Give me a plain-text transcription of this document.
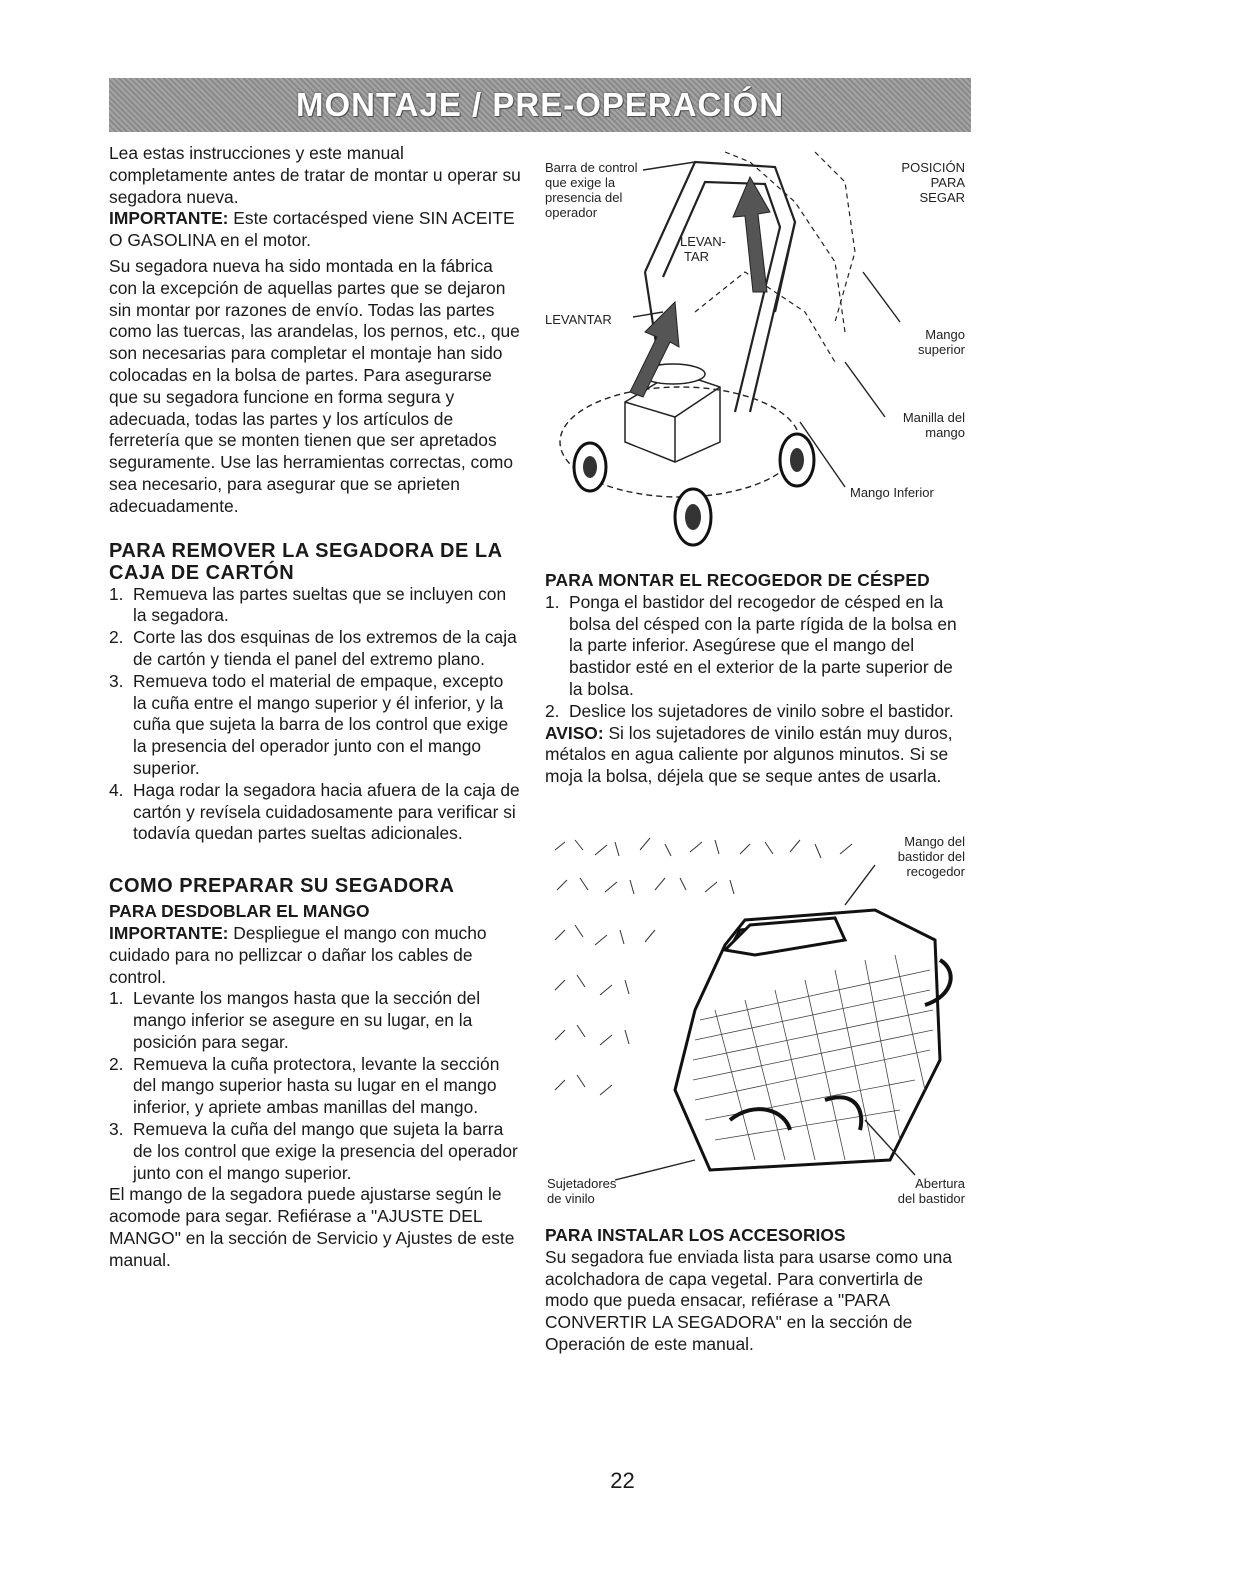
MONTAJE / PRE-OPERACIÓN

Lea estas instrucciones y este manual completamente antes de tratar de montar u operar su segadora nueva.

IMPORTANTE: Este cortacésped viene SIN ACEITE O GASOLINA en el motor.

Su segadora nueva ha sido montada en la fábrica con la excepción de aquellas partes que se dejaron sin montar por razones de envío. Todas las partes como las tuercas, las arandelas, los pernos, etc., que son necesarias para completar el montaje han sido colocadas en la bolsa de partes. Para asegurarse que su segadora funcione en forma segura y adecuada, todas las partes y los artículos de ferretería que se monten tienen que ser apretados seguramente. Use las herramientas correctas, como sea necesario, para asegurar que se aprieten adecuadamente.

PARA REMOVER LA SEGADORA DE LA CAJA DE CARTÓN

1. Remueva las partes sueltas que se incluyen con la segadora.
2. Corte las dos esquinas de los extremos de la caja de cartón y tienda el panel del extremo plano.
3. Remueva todo el material de empaque, excepto la cuña entre el mango superior y él inferior, y la cuña que sujeta la barra de los control que exige la presencia del operador junto con el mango superior.
4. Haga rodar la segadora hacia afuera de la caja de cartón y revísela cuidadosamente para verificar si todavía quedan partes sueltas adicionales.

COMO PREPARAR SU SEGADORA

PARA DESDOBLAR EL MANGO

IMPORTANTE: Despliegue el mango con mucho cuidado para no pellizcar o dañar los cables de control.

1. Levante los mangos hasta que la sección del mango inferior se asegure en su lugar, en la posición para segar.
2. Remueva la cuña protectora, levante la sección del mango superior hasta su lugar en el mango inferior, y apriete ambas manillas del mango.
3. Remueva la cuña del mango que sujeta la barra de los control que exige la presencia del operador junto con el mango superior.

El mango de la segadora puede ajustarse según le acomode para segar. Refiérase a "AJUSTE DEL MANGO" en la sección de Servicio y Ajustes de este manual.

Barra de control
que exige la
presencia del
operador
LEVAN-
TAR
LEVANTAR
POSICIÓN
PARA
SEGAR
Mango
superior
Manilla del
mango
Mango Inferior

PARA MONTAR EL RECOGEDOR DE CÉSPED

1. Ponga el bastidor del recogedor de césped en la bolsa del césped con la parte rígida de la bolsa en la parte inferior. Asegúrese que el mango del bastidor esté en el exterior de la parte superior de la bolsa.
2. Deslice los sujetadores de vinilo sobre el bastidor.

AVISO: Si los sujetadores de vinilo están muy duros, métalos en agua caliente por algunos minutos. Si se moja la bolsa, déjela que se seque antes de usarla.

Mango del
bastidor del
recogedor
Sujetadores
de vinilo
Abertura
del bastidor

PARA INSTALAR LOS ACCESORIOS

Su segadora fue enviada lista para usarse como una acolchadora de capa vegetal. Para convertirla de modo que pueda ensacar, refiérase a "PARA CONVERTIR LA SEGADORA" en la sección de Operación de este manual.

22
